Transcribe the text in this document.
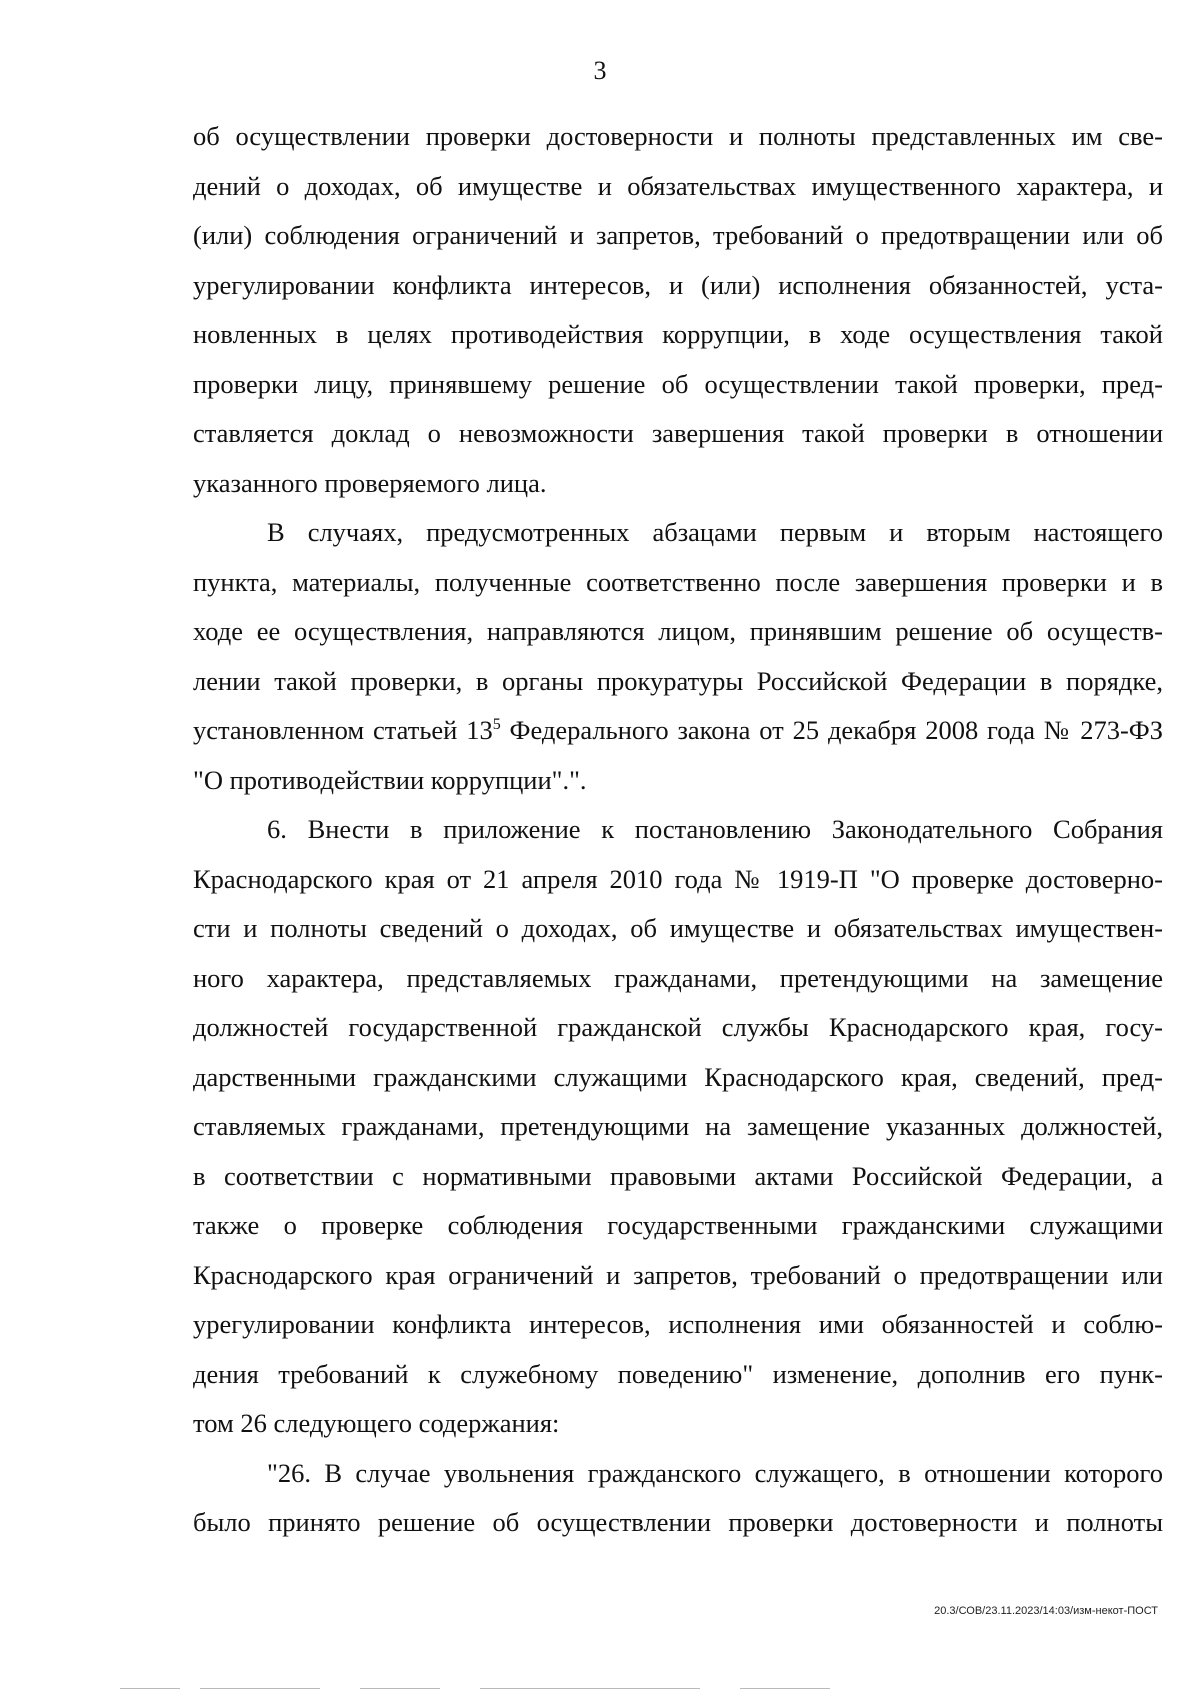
3
об осуществлении проверки достоверности и полноты представленных им све-
дений о доходах, об имуществе и обязательствах имущественного характера, и
(или) соблюдения ограничений и запретов, требований о предотвращении или об
урегулировании конфликта интересов, и (или) исполнения обязанностей, уста-
новленных в целях противодействия коррупции, в ходе осуществления такой
проверки лицу, принявшему решение об осуществлении такой проверки, пред-
ставляется доклад о невозможности завершения такой проверки в отношении
указанного проверяемого лица.
В случаях, предусмотренных абзацами первым и вторым настоящего
пункта, материалы, полученные соответственно после завершения проверки и в
ходе ее осуществления, направляются лицом, принявшим решение об осуществ-
лении такой проверки, в органы прокуратуры Российской Федерации в порядке,
установленном статьей $13^5$ Федерального закона от 25 декабря 2008 года № 273-ФЗ
"О противодействии коррупции".".
6. Внести в приложение к постановлению Законодательного Собрания
Краснодарского края от 21 апреля 2010 года № 1919-П "О проверке достоверно-
сти и полноты сведений о доходах, об имуществе и обязательствах имуществен-
ного характера, представляемых гражданами, претендующими на замещение
должностей государственной гражданской службы Краснодарского края, госу-
дарственными гражданскими служащими Краснодарского края, сведений, пред-
ставляемых гражданами, претендующими на замещение указанных должностей,
в соответствии с нормативными правовыми актами Российской Федерации, а
также о проверке соблюдения государственными гражданскими служащими
Краснодарского края ограничений и запретов, требований о предотвращении или
урегулировании конфликта интересов, исполнения ими обязанностей и соблю-
дения требований к служебному поведению" изменение, дополнив его пунк-
том 26 следующего содержания:
"26. В случае увольнения гражданского служащего, в отношении которого
было принято решение об осуществлении проверки достоверности и полноты
20.3/СОВ/23.11.2023/14:03/изм-некот-ПОСТ
